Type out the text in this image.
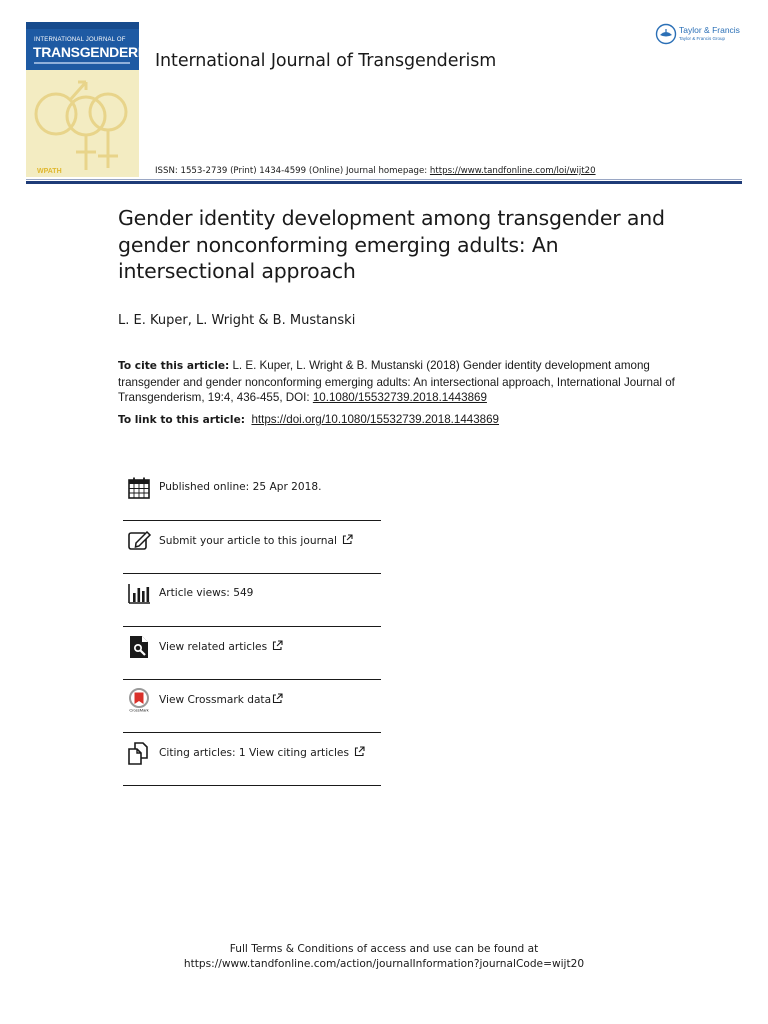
INTERNATIONAL JOURNAL OF
TRANSGENDERISM
WPATH
International Journal of Transgenderism
Taylor & Francis
Taylor & Francis Group
ISSN: 1553-2739 (Print) 1434-4599 (Online) Journal homepage: https://www.tandfonline.com/loi/wijt20
Gender identity development among transgender and gender nonconforming emerging adults: An intersectional approach
L. E. Kuper, L. Wright & B. Mustanski
To cite this article: L. E. Kuper, L. Wright & B. Mustanski (2018) Gender identity development among transgender and gender nonconforming emerging adults: An intersectional approach, International Journal of Transgenderism, 19:4, 436-455, DOI: 10.1080/15532739.2018.1443869
To link to this article: https://doi.org/10.1080/15532739.2018.1443869
Published online: 25 Apr 2018.
Submit your article to this journal
Article views: 549
View related articles
CrossMark
View Crossmark data
Citing articles: 1 View citing articles
Full Terms & Conditions of access and use can be found at
https://www.tandfonline.com/action/journalInformation?journalCode=wijt20
